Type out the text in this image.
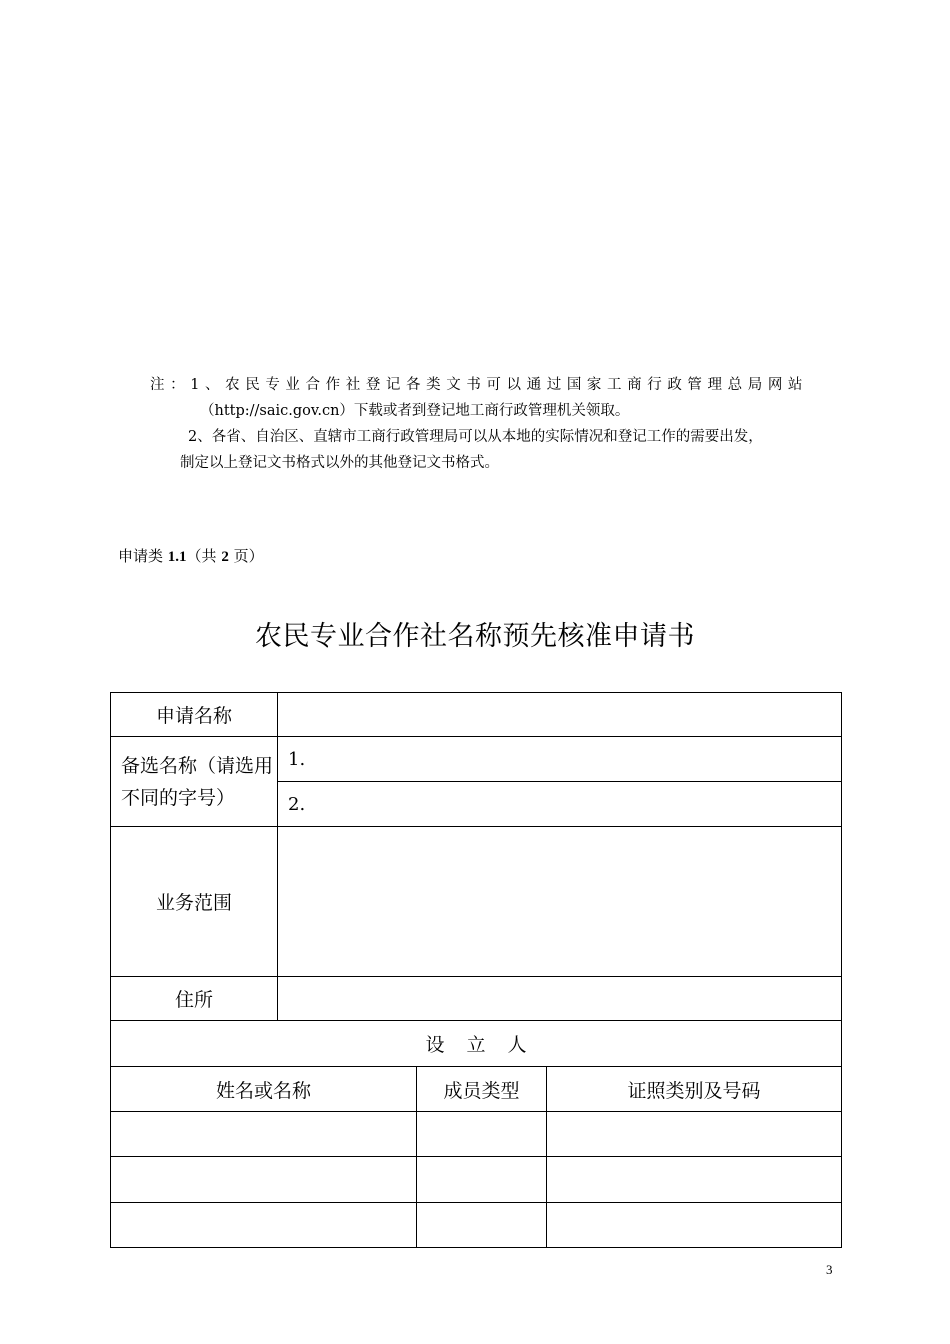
注：1、农民专业合作社登记各类文书可以通过国家工商行政管理总局网站
（http://saic.gov.cn）下载或者到登记地工商行政管理机关领取。
2、各省、自治区、直辖市工商行政管理局可以从本地的实际情况和登记工作的需要出发，
制定以上登记文书格式以外的其他登记文书格式。
申请类 1.1（共 2 页）
农民专业合作社名称预先核准申请书
申请名称			
备选名称（请选用不同的字号）	1.		
	2.		
业务范围			
住所			
设立人			
姓名或名称		成员类型	证照类别及号码

3
